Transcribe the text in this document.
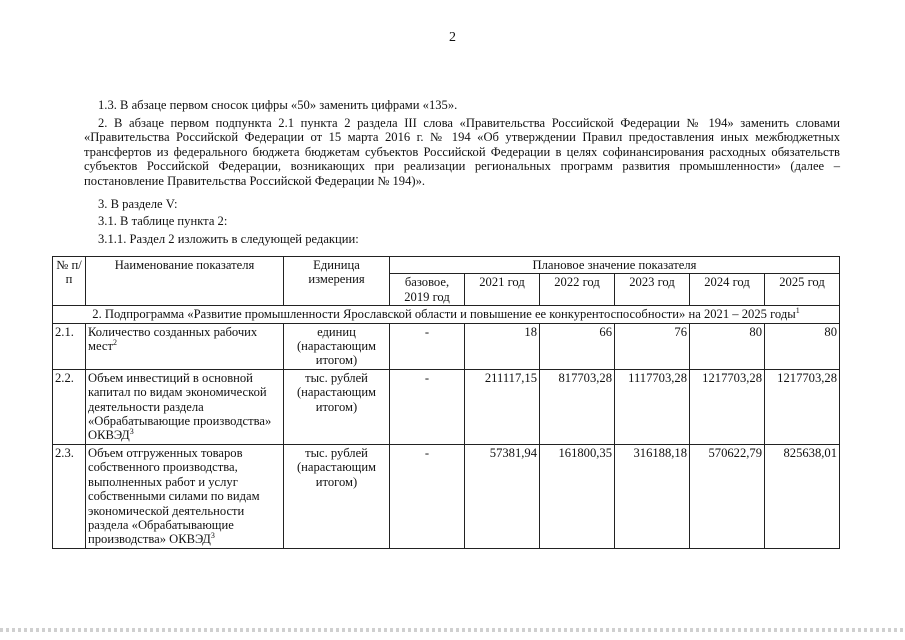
2
1.3. В абзаце первом сносок цифры «50» заменить цифрами «135».
2. В абзаце первом подпункта 2.1 пункта 2 раздела III слова «Правительства Российской Федерации № 194» заменить словами «Правительства Российской Федерации от 15 марта 2016 г. № 194 «Об утверждении Правил предоставления иных межбюджетных трансфертов из федерального бюджета бюджетам субъектов Российской Федерации в целях софинансирования расходных обязательств субъектов Российской Федерации, возникающих при реализации региональных программ развития промышленности» (далее – постановление Правительства Российской Федерации № 194)».
3. В разделе V:
3.1. В таблице пункта 2:
3.1.1. Раздел 2 изложить в следующей редакции:
№ п/п	Наименование показателя	Единица измерения	Плановое значение показателя					
			базовое, 2019 год	2021 год	2022 год	2023 год	2024 год	2025 год
2. Подпрограмма «Развитие промышленности Ярославской области и повышение ее конкурентоспособности» на 2021 – 2025 годы$^1$
2.1.	Количество созданных рабочих мест$^2$	единиц (нарастающим итогом)	-	18	66	76	80	80
2.2.	Объем инвестиций в основной капитал по видам экономической деятельности раздела «Обрабатывающие производства» ОКВЭД$^3$	тыс. рублей (нарастающим итогом)	-	211117,15	817703,28	1117703,28	1217703,28	1217703,28
2.3.	Объем отгруженных товаров собственного производства, выполненных работ и услуг собственными силами по видам экономической деятельности раздела «Обрабатывающие производства» ОКВЭД$^3$	тыс. рублей (нарастающим итогом)	-	57381,94	161800,35	316188,18	570622,79	825638,01
